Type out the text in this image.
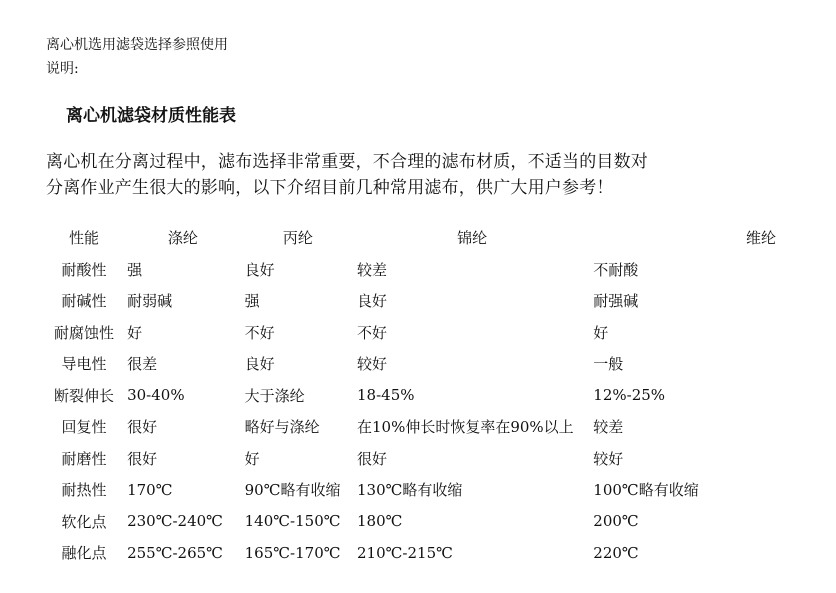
离心机选用滤袋选择参照使用
说明:
离心机滤袋材质性能表
离心机在分离过程中，滤布选择非常重要，不合理的滤布材质，不适当的目数对
分离作业产生很大的影响，以下介绍目前几种常用滤布，供广大用户参考！
性能	涤纶	丙纶	锦纶	维纶
耐酸性	强	良好	较差	不耐酸
耐碱性	耐弱碱	强	良好	耐强碱
耐腐蚀性	好	不好	不好	好
导电性	很差	良好	较好	一般
断裂伸长	30-40%	大于涤纶	18-45%	12%-25%
回复性	很好	略好与涤纶	在10%伸长时恢复率在90%以上	较差
耐磨性	很好	好	很好	较好
耐热性	170℃	90℃略有收缩	130℃略有收缩	100℃略有收缩
软化点	230℃-240℃	140℃-150℃	180℃	200℃
融化点	255℃-265℃	165℃-170℃	210℃-215℃	220℃
